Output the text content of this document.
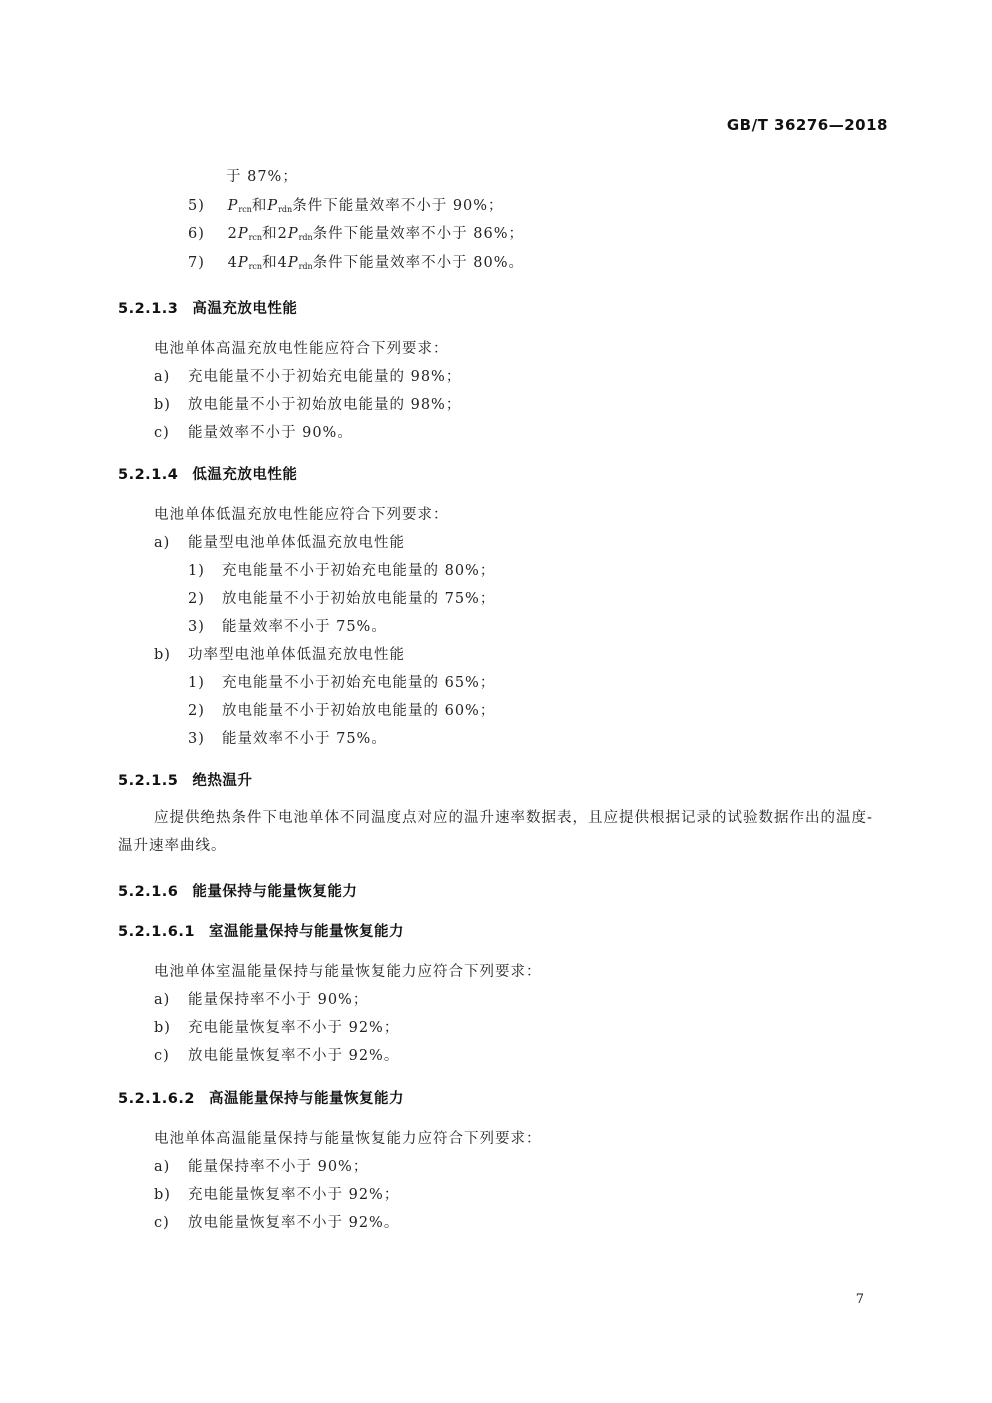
GB/T 36276—2018
于 87%；
5) $P_{rcn}$和$P_{rdn}$条件下能量效率不小于 90%；
6) $2P_{rcn}$和$2P_{rdn}$条件下能量效率不小于 86%；
7) $4P_{rcn}$和$4P_{rdn}$条件下能量效率不小于 80%。
5.2.1.3 高温充放电性能
电池单体高温充放电性能应符合下列要求：
a) 充电能量不小于初始充电能量的 98%；
b) 放电能量不小于初始放电能量的 98%；
c) 能量效率不小于 90%。
5.2.1.4 低温充放电性能
电池单体低温充放电性能应符合下列要求：
a) 能量型电池单体低温充放电性能
1) 充电能量不小于初始充电能量的 80%；
2) 放电能量不小于初始放电能量的 75%；
3) 能量效率不小于 75%。
b) 功率型电池单体低温充放电性能
1) 充电能量不小于初始充电能量的 65%；
2) 放电能量不小于初始放电能量的 60%；
3) 能量效率不小于 75%。
5.2.1.5 绝热温升
应提供绝热条件下电池单体不同温度点对应的温升速率数据表，且应提供根据记录的试验数据作出的温度-温升速率曲线。
5.2.1.6 能量保持与能量恢复能力
5.2.1.6.1 室温能量保持与能量恢复能力
电池单体室温能量保持与能量恢复能力应符合下列要求：
a) 能量保持率不小于 90%；
b) 充电能量恢复率不小于 92%；
c) 放电能量恢复率不小于 92%。
5.2.1.6.2 高温能量保持与能量恢复能力
电池单体高温能量保持与能量恢复能力应符合下列要求：
a) 能量保持率不小于 90%；
b) 充电能量恢复率不小于 92%；
c) 放电能量恢复率不小于 92%。
7
